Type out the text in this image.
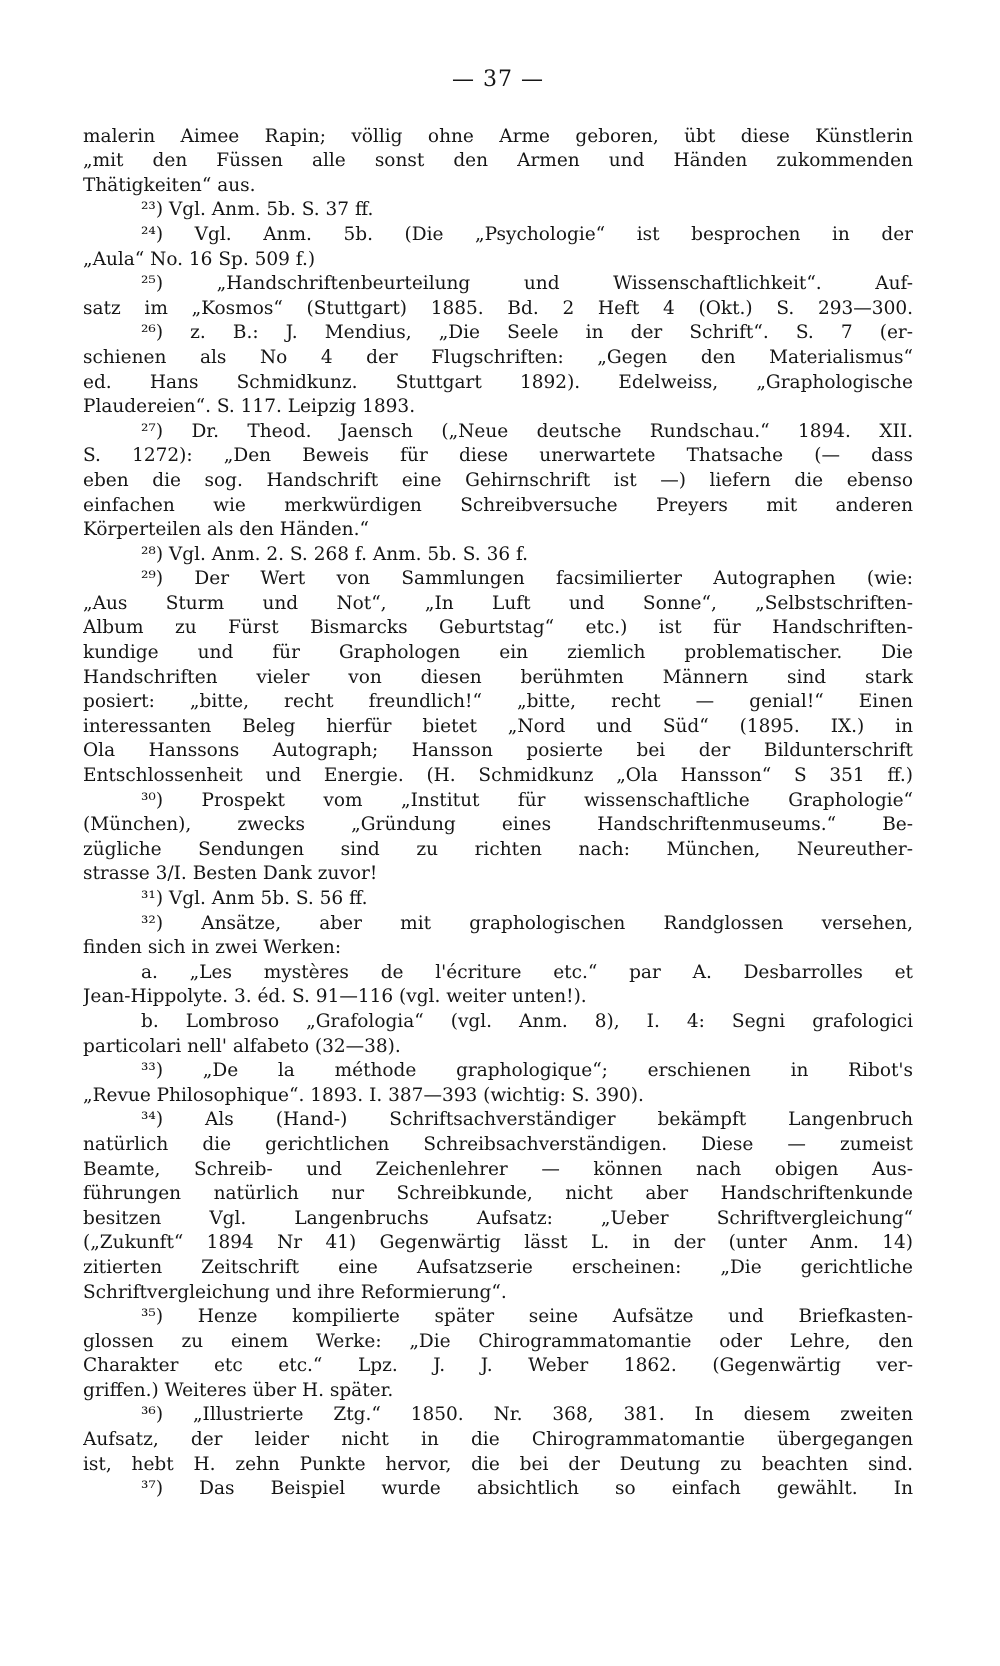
— 37 —
malerin Aimee Rapin; völlig ohne Arme geboren, übt diese Künstlerin
„mit den Füssen alle sonst den Armen und Händen zukommenden
Thätigkeiten“ aus.
²³) Vgl. Anm. 5b. S. 37 ff.
²⁴) Vgl. Anm. 5b. (Die „Psychologie“ ist besprochen in der
„Aula“ No. 16 Sp. 509 f.)
²⁵) „Handschriftenbeurteilung und Wissenschaftlichkeit“. Auf-
satz im „Kosmos“ (Stuttgart) 1885. Bd. 2 Heft 4 (Okt.) S. 293—300.
²⁶) z. B.: J. Mendius, „Die Seele in der Schrift“. S. 7 (er-
schienen als No 4 der Flugschriften: „Gegen den Materialismus“
ed. Hans Schmidkunz. Stuttgart 1892). Edelweiss, „Graphologische
Plaudereien“. S. 117. Leipzig 1893.
²⁷) Dr. Theod. Jaensch („Neue deutsche Rundschau.“ 1894. XII.
S. 1272): „Den Beweis für diese unerwartete Thatsache (— dass
eben die sog. Handschrift eine Gehirnschrift ist —) liefern die ebenso
einfachen wie merkwürdigen Schreibversuche Preyers mit anderen
Körperteilen als den Händen.“
²⁸) Vgl. Anm. 2. S. 268 f. Anm. 5b. S. 36 f.
²⁹) Der Wert von Sammlungen facsimilierter Autographen (wie:
„Aus Sturm und Not“, „In Luft und Sonne“, „Selbstschriften-
Album zu Fürst Bismarcks Geburtstag“ etc.) ist für Handschriften-
kundige und für Graphologen ein ziemlich problematischer. Die
Handschriften vieler von diesen berühmten Männern sind stark
posiert: „bitte, recht freundlich!“ „bitte, recht — genial!“ Einen
interessanten Beleg hierfür bietet „Nord und Süd“ (1895. IX.) in
Ola Hanssons Autograph; Hansson posierte bei der Bildunterschrift
Entschlossenheit und Energie. (H. Schmidkunz „Ola Hansson“ S 351 ff.)
³⁰) Prospekt vom „Institut für wissenschaftliche Graphologie“
(München), zwecks „Gründung eines Handschriftenmuseums.“ Be-
zügliche Sendungen sind zu richten nach: München, Neureuther-
strasse 3/I. Besten Dank zuvor!
³¹) Vgl. Anm 5b. S. 56 ff.
³²) Ansätze, aber mit graphologischen Randglossen versehen,
finden sich in zwei Werken:
a. „Les mystères de l'écriture etc.“ par A. Desbarrolles et
Jean-Hippolyte. 3. éd. S. 91—116 (vgl. weiter unten!).
b. Lombroso „Grafologia“ (vgl. Anm. 8), I. 4: Segni grafologici
particolari nell' alfabeto (32—38).
³³) „De la méthode graphologique“; erschienen in Ribot's
„Revue Philosophique“. 1893. I. 387—393 (wichtig: S. 390).
³⁴) Als (Hand-) Schriftsachverständiger bekämpft Langenbruch
natürlich die gerichtlichen Schreibsachverständigen. Diese — zumeist
Beamte, Schreib- und Zeichenlehrer — können nach obigen Aus-
führungen natürlich nur Schreibkunde, nicht aber Handschriftenkunde
besitzen Vgl. Langenbruchs Aufsatz: „Ueber Schriftvergleichung“
(„Zukunft“ 1894 Nr 41) Gegenwärtig lässt L. in der (unter Anm. 14)
zitierten Zeitschrift eine Aufsatzserie erscheinen: „Die gerichtliche
Schriftvergleichung und ihre Reformierung“.
³⁵) Henze kompilierte später seine Aufsätze und Briefkasten-
glossen zu einem Werke: „Die Chirogrammatomantie oder Lehre, den
Charakter etc etc.“ Lpz. J. J. Weber 1862. (Gegenwärtig ver-
griffen.) Weiteres über H. später.
³⁶) „Illustrierte Ztg.“ 1850. Nr. 368, 381. In diesem zweiten
Aufsatz, der leider nicht in die Chirogrammatomantie übergegangen
ist, hebt H. zehn Punkte hervor, die bei der Deutung zu beachten sind.
³⁷) Das Beispiel wurde absichtlich so einfach gewählt. In
